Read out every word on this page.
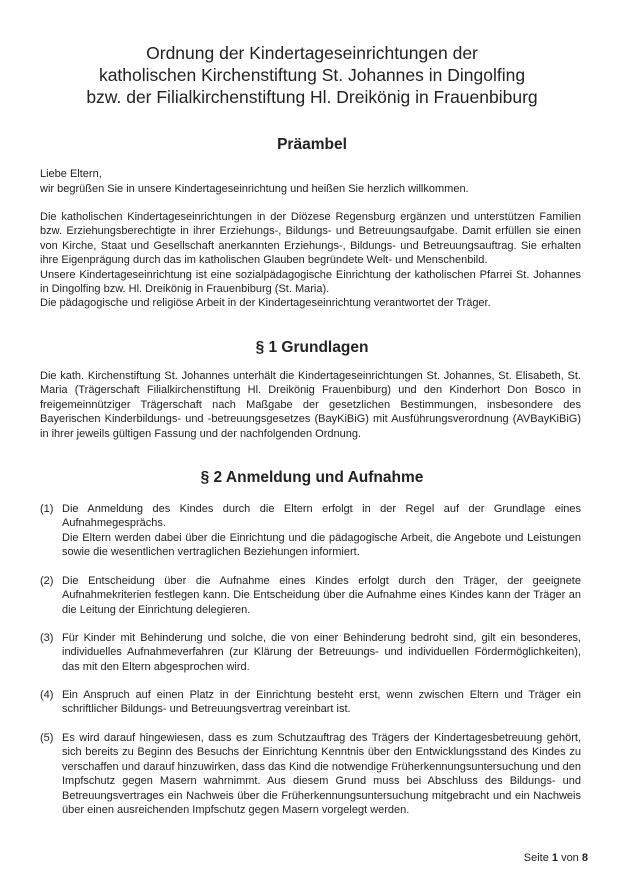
Ordnung der Kindertageseinrichtungen der
katholischen Kirchenstiftung St. Johannes in Dingolfing
bzw. der Filialkirchenstiftung Hl. Dreikönig in Frauenbiburg
Präambel

Liebe Eltern,

wir begrüßen Sie in unsere Kindertageseinrichtung und heißen Sie herzlich willkommen.

Die katholischen Kindertageseinrichtungen in der Diözese Regensburg ergänzen und unterstützen Familien bzw. Erziehungsberechtigte in ihrer Erziehungs-, Bildungs- und Betreuungsaufgabe. Damit erfüllen sie einen von Kirche, Staat und Gesellschaft anerkannten Erziehungs-, Bildungs- und Betreuungsauftrag. Sie erhalten ihre Eigenprägung durch das im katholischen Glauben begründete Welt- und Menschenbild.

Unsere Kindertageseinrichtung ist eine sozialpädagogische Einrichtung der katholischen Pfarrei St. Johannes in Dingolfing bzw. Hl. Dreikönig in Frauenbiburg (St. Maria).

Die pädagogische und religiöse Arbeit in der Kindertageseinrichtung verantwortet der Träger.

§ 1 Grundlagen

Die kath. Kirchenstiftung St. Johannes unterhält die Kindertageseinrichtungen St. Johannes, St. Elisabeth, St. Maria (Trägerschaft Filialkirchenstiftung Hl. Dreikönig Frauenbiburg) und den Kinderhort Don Bosco in freigemeinnütziger Trägerschaft nach Maßgabe der gesetzlichen Bestimmungen, insbesondere des Bayerischen Kinderbildungs- und -betreuungsgesetzes (BayKiBiG) mit Ausführungsverordnung (AVBayKiBiG) in ihrer jeweils gültigen Fassung und der nachfolgenden Ordnung.

§ 2 Anmeldung und Aufnahme
(1) Die Anmeldung des Kindes durch die Eltern erfolgt in der Regel auf der Grundlage eines Aufnahmegesprächs.
Die Eltern werden dabei über die Einrichtung und die pädagogische Arbeit, die Angebote und Leistungen sowie die wesentlichen vertraglichen Beziehungen informiert.
(2) Die Entscheidung über die Aufnahme eines Kindes erfolgt durch den Träger, der geeignete Aufnahmekriterien festlegen kann. Die Entscheidung über die Aufnahme eines Kindes kann der Träger an die Leitung der Einrichtung delegieren.
(3) Für Kinder mit Behinderung und solche, die von einer Behinderung bedroht sind, gilt ein besonderes, individuelles Aufnahmeverfahren (zur Klärung der Betreuungs- und individuellen Fördermöglichkeiten), das mit den Eltern abgesprochen wird.
(4) Ein Anspruch auf einen Platz in der Einrichtung besteht erst, wenn zwischen Eltern und Träger ein schriftlicher Bildungs- und Betreuungsvertrag vereinbart ist.
(5) Es wird darauf hingewiesen, dass es zum Schutzauftrag des Trägers der Kindertagesbetreuung gehört, sich bereits zu Beginn des Besuchs der Einrichtung Kenntnis über den Entwicklungsstand des Kindes zu verschaffen und darauf hinzuwirken, dass das Kind die notwendige Früherkennungsuntersuchung und den Impfschutz gegen Masern wahrnimmt. Aus diesem Grund muss bei Abschluss des Bildungs- und Betreuungsvertrages ein Nachweis über die Früherkennungsuntersuchung mitgebracht und ein Nachweis über einen ausreichenden Impfschutz gegen Masern vorgelegt werden.
Seite 1 von 8
